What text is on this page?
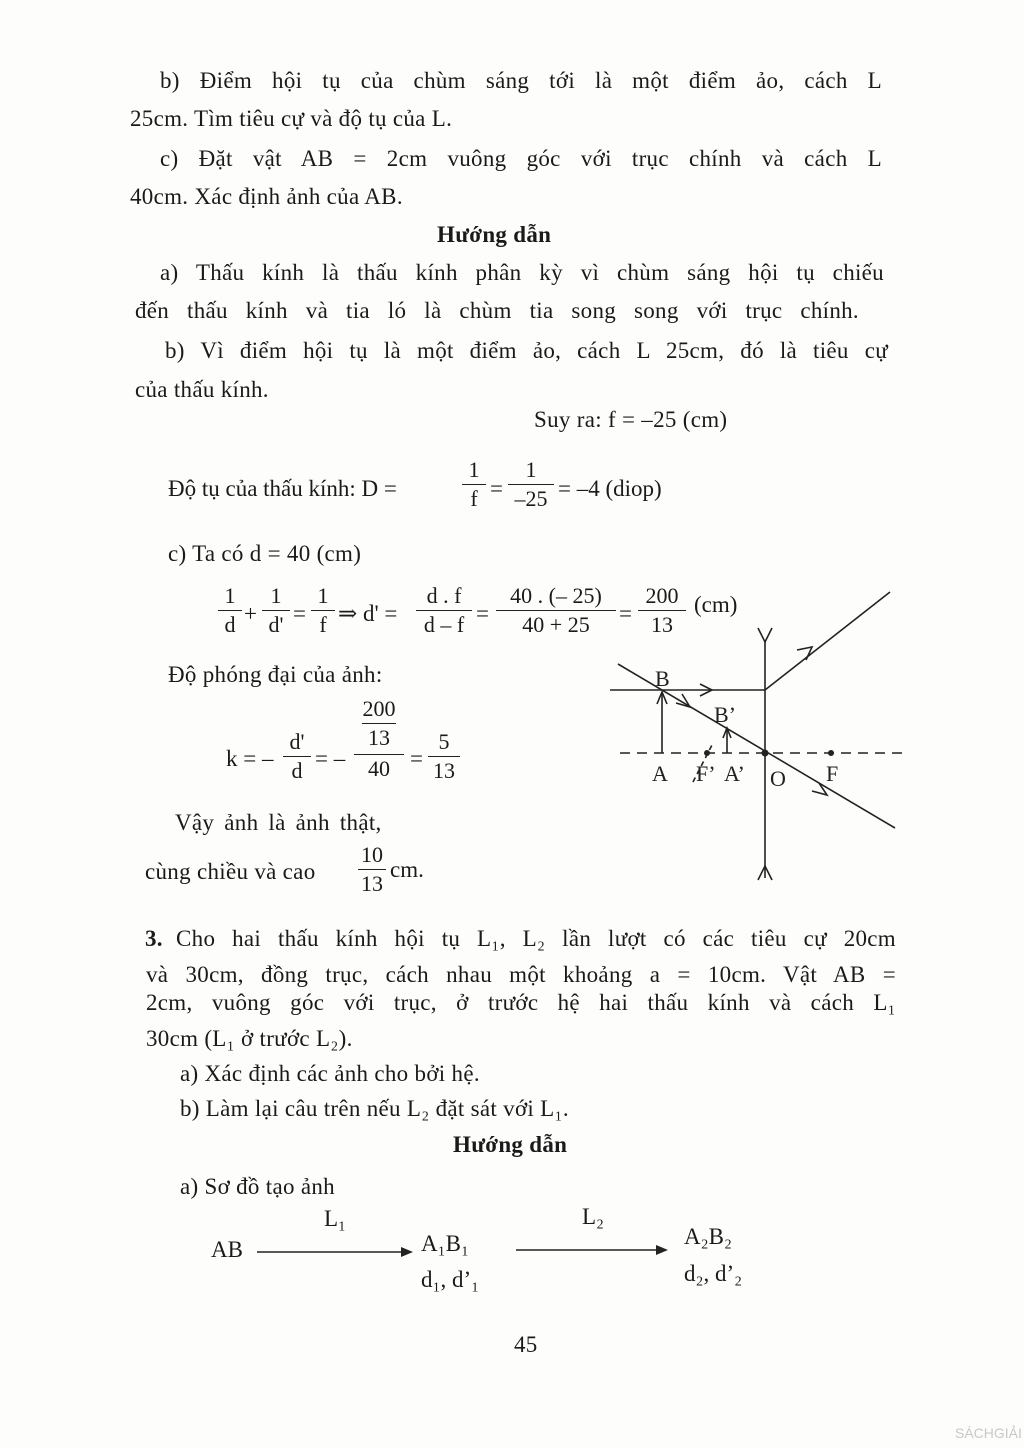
b) Điểm hội tụ của chùm sáng tới là một điểm ảo, cách L
25cm. Tìm tiêu cự và độ tụ của L.
c) Đặt vật AB = 2cm vuông góc với trục chính và cách L
40cm. Xác định ảnh của AB.
Hướng dẫn
a) Thấu kính là thấu kính phân kỳ vì chùm sáng hội tụ chiếu
đến thấu kính và tia ló là chùm tia song song với trục chính.
b) Vì điểm hội tụ là một điểm ảo, cách L 25cm, đó là tiêu cự
của thấu kính.
Suy ra: f = –25 (cm)
Độ tụ của thấu kính: D =
1
f =
1
–25 = –4 (diop)
c) Ta có d = 40 (cm)
1
d +
1
d' =
1
f ⇒ d' =
d . f
d – f =
40 . (– 25)
40 + 25	=
200
13
(cm)
Độ phóng đại của ảnh:
k = –
d'
d = –
200
13
40 =
5
13
Vậy ảnh là ảnh thật,
cùng chiều và cao
10
13
cm.
B
B’
A F’ A’ O F
3. Cho hai thấu kính hội tụ L₁, L₂ lần lượt có các tiêu cự 20cm
và 30cm, đồng trục, cách nhau một khoảng a = 10cm. Vật AB =
2cm, vuông góc với trục, ở trước hệ hai thấu kính và cách L₁
30cm (L₁ ở trước L₂).
a) Xác định các ảnh cho bởi hệ.
b) Làm lại câu trên nếu L₂ đặt sát với L₁.
Hướng dẫn
a) Sơ đồ tạo ảnh
AB
L₁
A₁B₁
d₁, d’₁
L₂
A₂B₂
d₂, d’₂
45
SÁCHGIẢI
